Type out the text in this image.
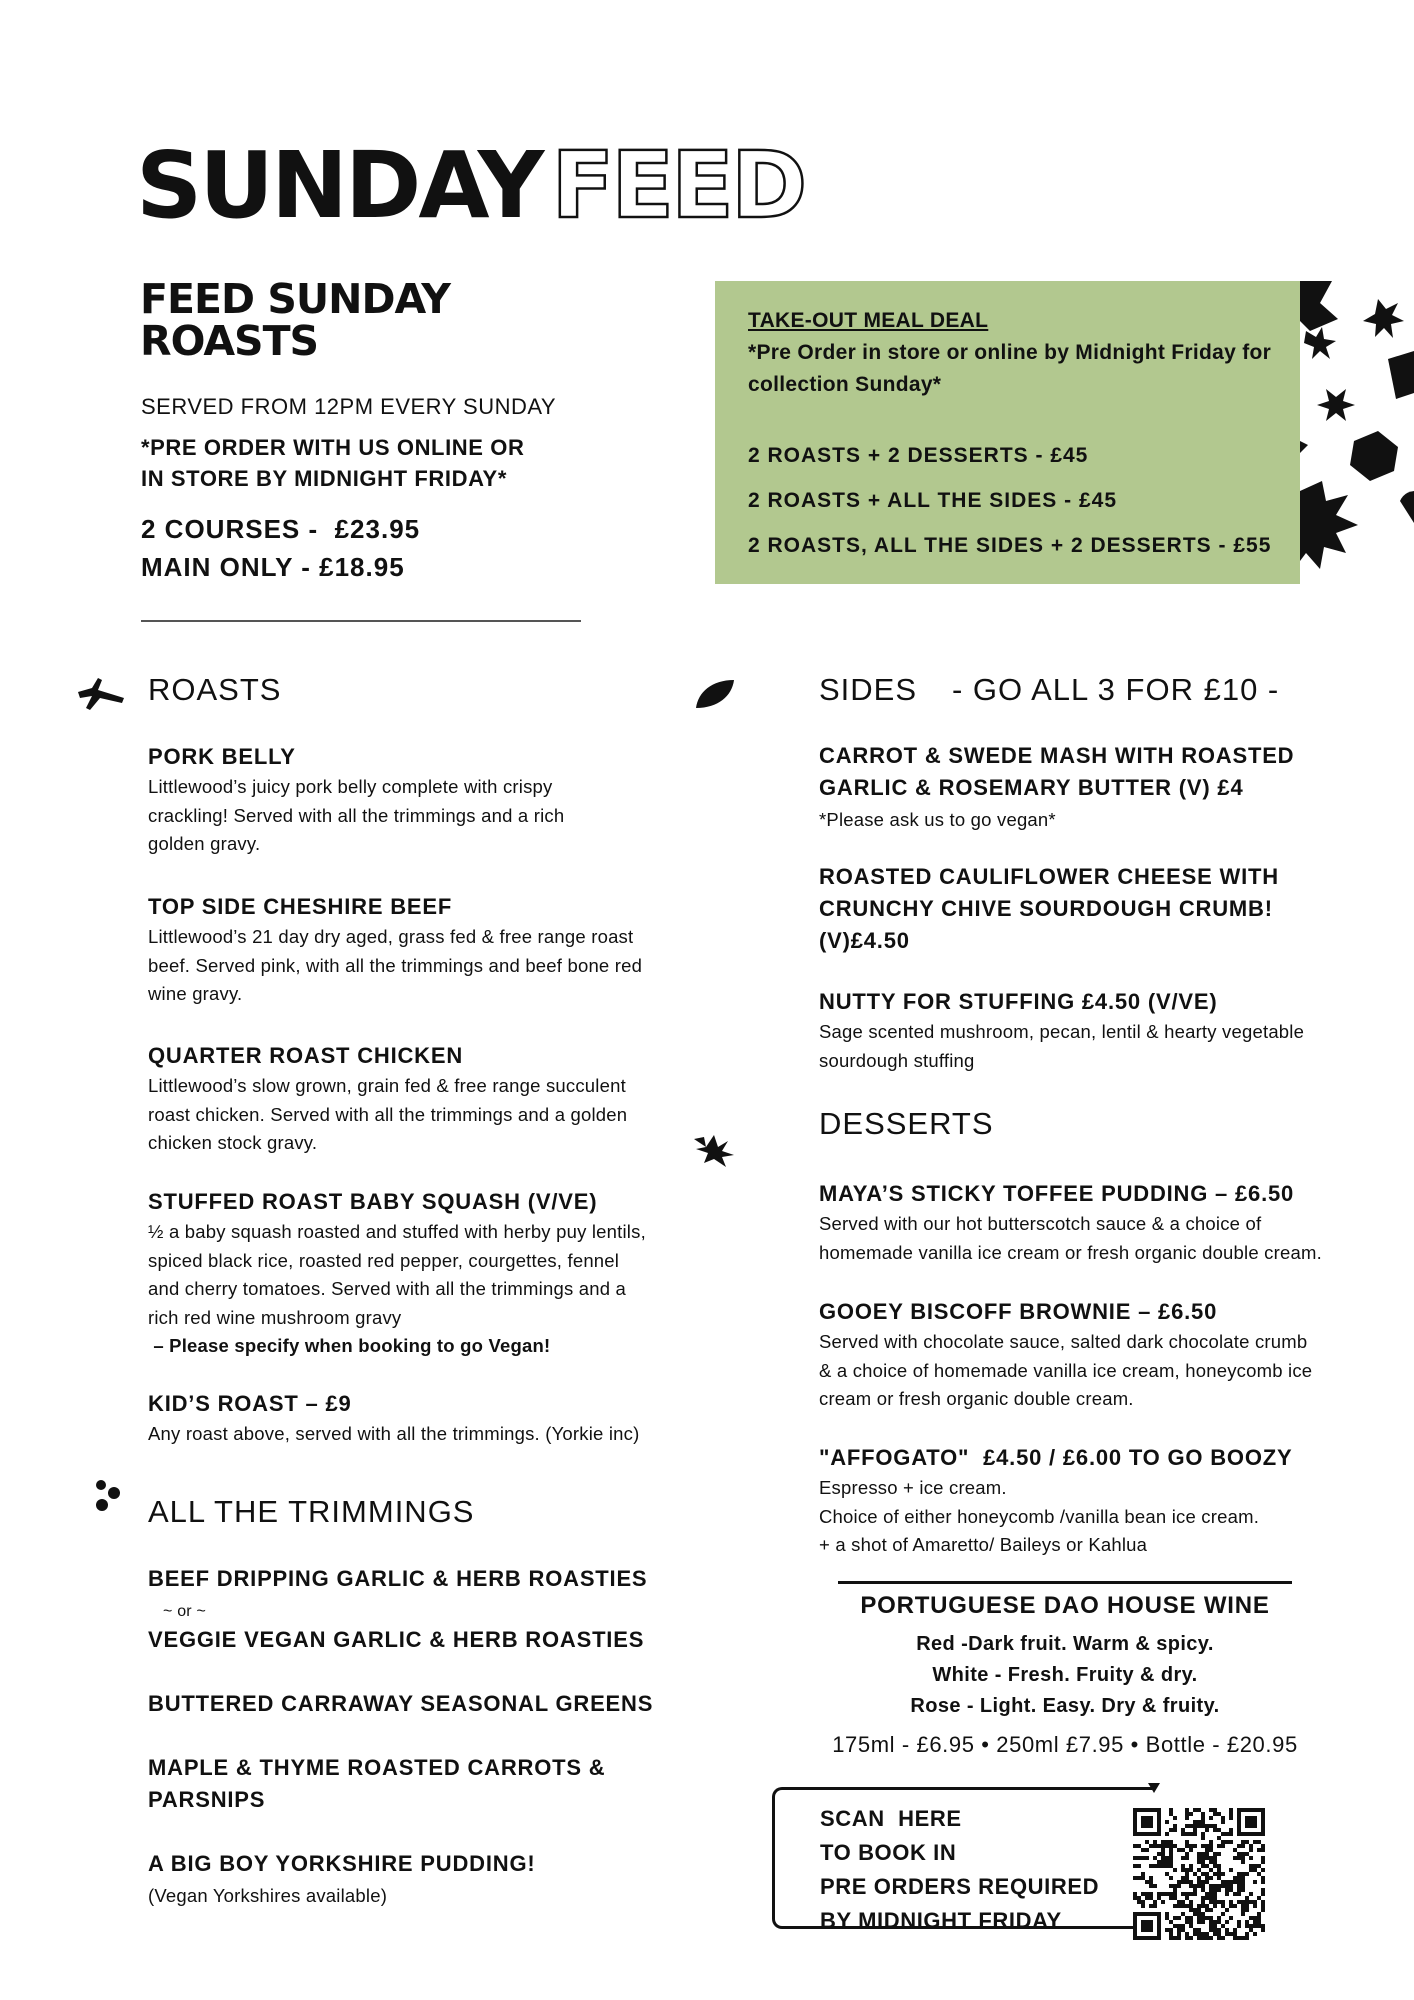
SUNDAY FEED
FEED SUNDAY
ROASTS
SERVED FROM 12PM EVERY SUNDAY
*PRE ORDER WITH US ONLINE OR
IN STORE BY MIDNIGHT FRIDAY*
2 COURSES -  £23.95
MAIN ONLY - £18.95
TAKE-OUT MEAL DEAL
*Pre Order in store or online by Midnight Friday for
collection Sunday*
2 ROASTS + 2 DESSERTS - £45
2 ROASTS + ALL THE SIDES - £45
2 ROASTS, ALL THE SIDES + 2 DESSERTS - £55
ROASTS
PORK BELLY
Littlewood’s juicy pork belly complete with crispy
crackling! Served with all the trimmings and a rich
golden gravy.
TOP SIDE CHESHIRE BEEF
Littlewood’s 21 day dry aged, grass fed & free range roast
beef. Served pink, with all the trimmings and beef bone red
wine gravy.
QUARTER ROAST CHICKEN
Littlewood’s slow grown, grain fed & free range succulent
roast chicken. Served with all the trimmings and a golden
chicken stock gravy.
STUFFED ROAST BABY SQUASH (V/VE)
½ a baby squash roasted and stuffed with herby puy lentils,
spiced black rice, roasted red pepper, courgettes, fennel
and cherry tomatoes. Served with all the trimmings and a
rich red wine mushroom gravy
– Please specify when booking to go Vegan!
KID’S ROAST – £9
Any roast above, served with all the trimmings. (Yorkie inc)
ALL THE TRIMMINGS
BEEF DRIPPING GARLIC & HERB ROASTIES
~ or ~
VEGGIE VEGAN GARLIC & HERB ROASTIES
BUTTERED CARRAWAY SEASONAL GREENS
MAPLE & THYME ROASTED CARROTS &
PARSNIPS
A BIG BOY YORKSHIRE PUDDING!
(Vegan Yorkshires available)
SIDES - GO ALL 3 FOR £10 -
CARROT & SWEDE MASH WITH ROASTED
GARLIC & ROSEMARY BUTTER (V) £4
*Please ask us to go vegan*
ROASTED CAULIFLOWER CHEESE WITH
CRUNCHY CHIVE SOURDOUGH CRUMB!
(V)£4.50
NUTTY FOR STUFFING £4.50 (V/VE)
Sage scented mushroom, pecan, lentil & hearty vegetable
sourdough stuffing
DESSERTS
MAYA’S STICKY TOFFEE PUDDING – £6.50
Served with our hot butterscotch sauce & a choice of
homemade vanilla ice cream or fresh organic double cream.
GOOEY BISCOFF BROWNIE – £6.50
Served with chocolate sauce, salted dark chocolate crumb
& a choice of homemade vanilla ice cream, honeycomb ice
cream or fresh organic double cream.
"AFFOGATO"  £4.50 / £6.00 TO GO BOOZY
Espresso + ice cream.
Choice of either honeycomb /vanilla bean ice cream.
+ a shot of Amaretto/ Baileys or Kahlua
PORTUGUESE DAO HOUSE WINE
Red -Dark fruit. Warm & spicy.
White - Fresh. Fruity & dry.
Rose - Light. Easy. Dry & fruity.
175ml - £6.95 • 250ml £7.95 • Bottle - £20.95
SCAN  HERE
TO BOOK IN
PRE ORDERS REQUIRED
BY MIDNIGHT FRIDAY
